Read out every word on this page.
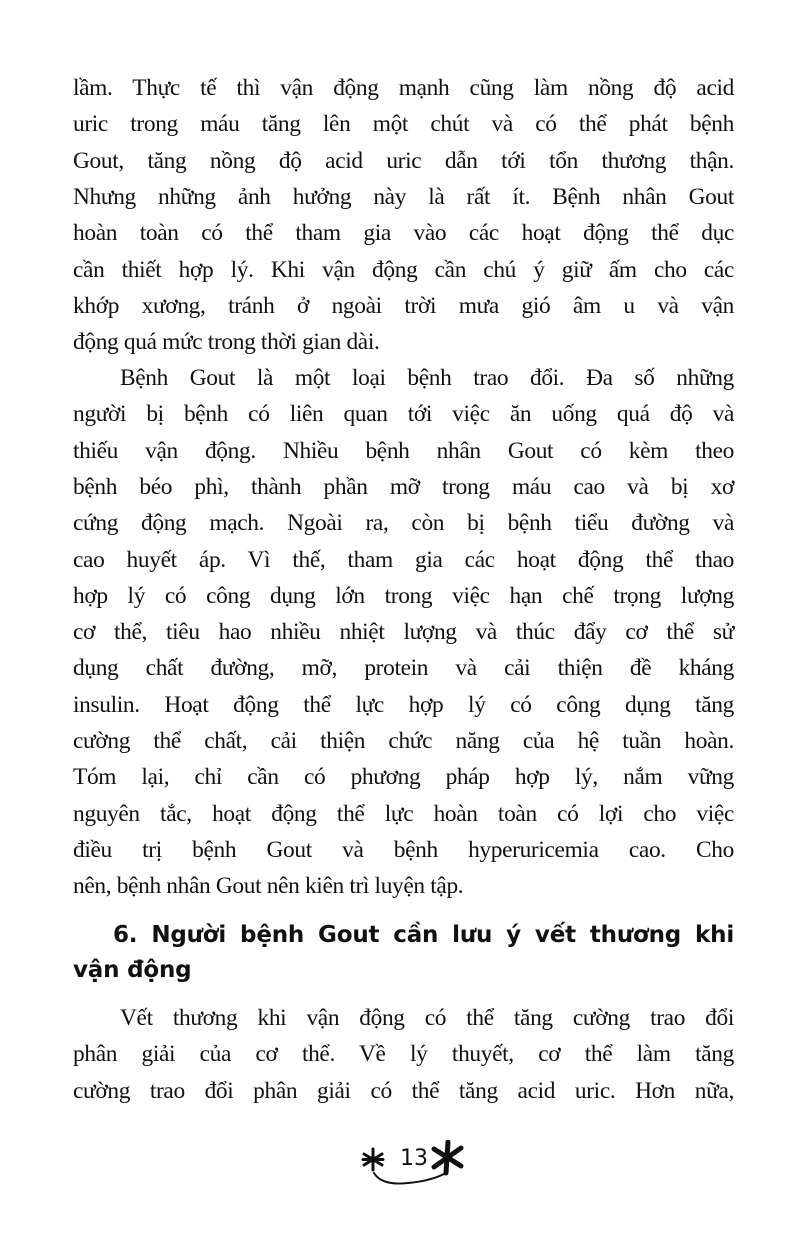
lầm. Thực tế thì vận động mạnh cũng làm nồng độ acid
uric trong máu tăng lên một chút và có thể phát bệnh
Gout, tăng nồng độ acid uric dẫn tới tổn thương thận.
Nhưng những ảnh hưởng này là rất ít. Bệnh nhân Gout
hoàn toàn có thể tham gia vào các hoạt động thể dục
cần thiết hợp lý. Khi vận động cần chú ý giữ ấm cho các
khớp xương, tránh ở ngoài trời mưa gió âm u và vận
động quá mức trong thời gian dài.
Bệnh Gout là một loại bệnh trao đổi. Đa số những
người bị bệnh có liên quan tới việc ăn uống quá độ và
thiếu vận động. Nhiều bệnh nhân Gout có kèm theo
bệnh béo phì, thành phần mỡ trong máu cao và bị xơ
cứng động mạch. Ngoài ra, còn bị bệnh tiểu đường và
cao huyết áp. Vì thế, tham gia các hoạt động thể thao
hợp lý có công dụng lớn trong việc hạn chế trọng lượng
cơ thể, tiêu hao nhiều nhiệt lượng và thúc đẩy cơ thể sử
dụng chất đường, mỡ, protein và cải thiện đề kháng
insulin. Hoạt động thể lực hợp lý có công dụng tăng
cường thể chất, cải thiện chức năng của hệ tuần hoàn.
Tóm lại, chỉ cần có phương pháp hợp lý, nắm vững
nguyên tắc, hoạt động thể lực hoàn toàn có lợi cho việc
điều trị bệnh Gout và bệnh hyperuricemia cao. Cho
nên, bệnh nhân Gout nên kiên trì luyện tập.
6. Người bệnh Gout cần lưu ý vết thương khi
vận động
Vết thương khi vận động có thể tăng cường trao đổi
phân giải của cơ thể. Về lý thuyết, cơ thể làm tăng
cường trao đổi phân giải có thể tăng acid uric. Hơn nữa,
13
